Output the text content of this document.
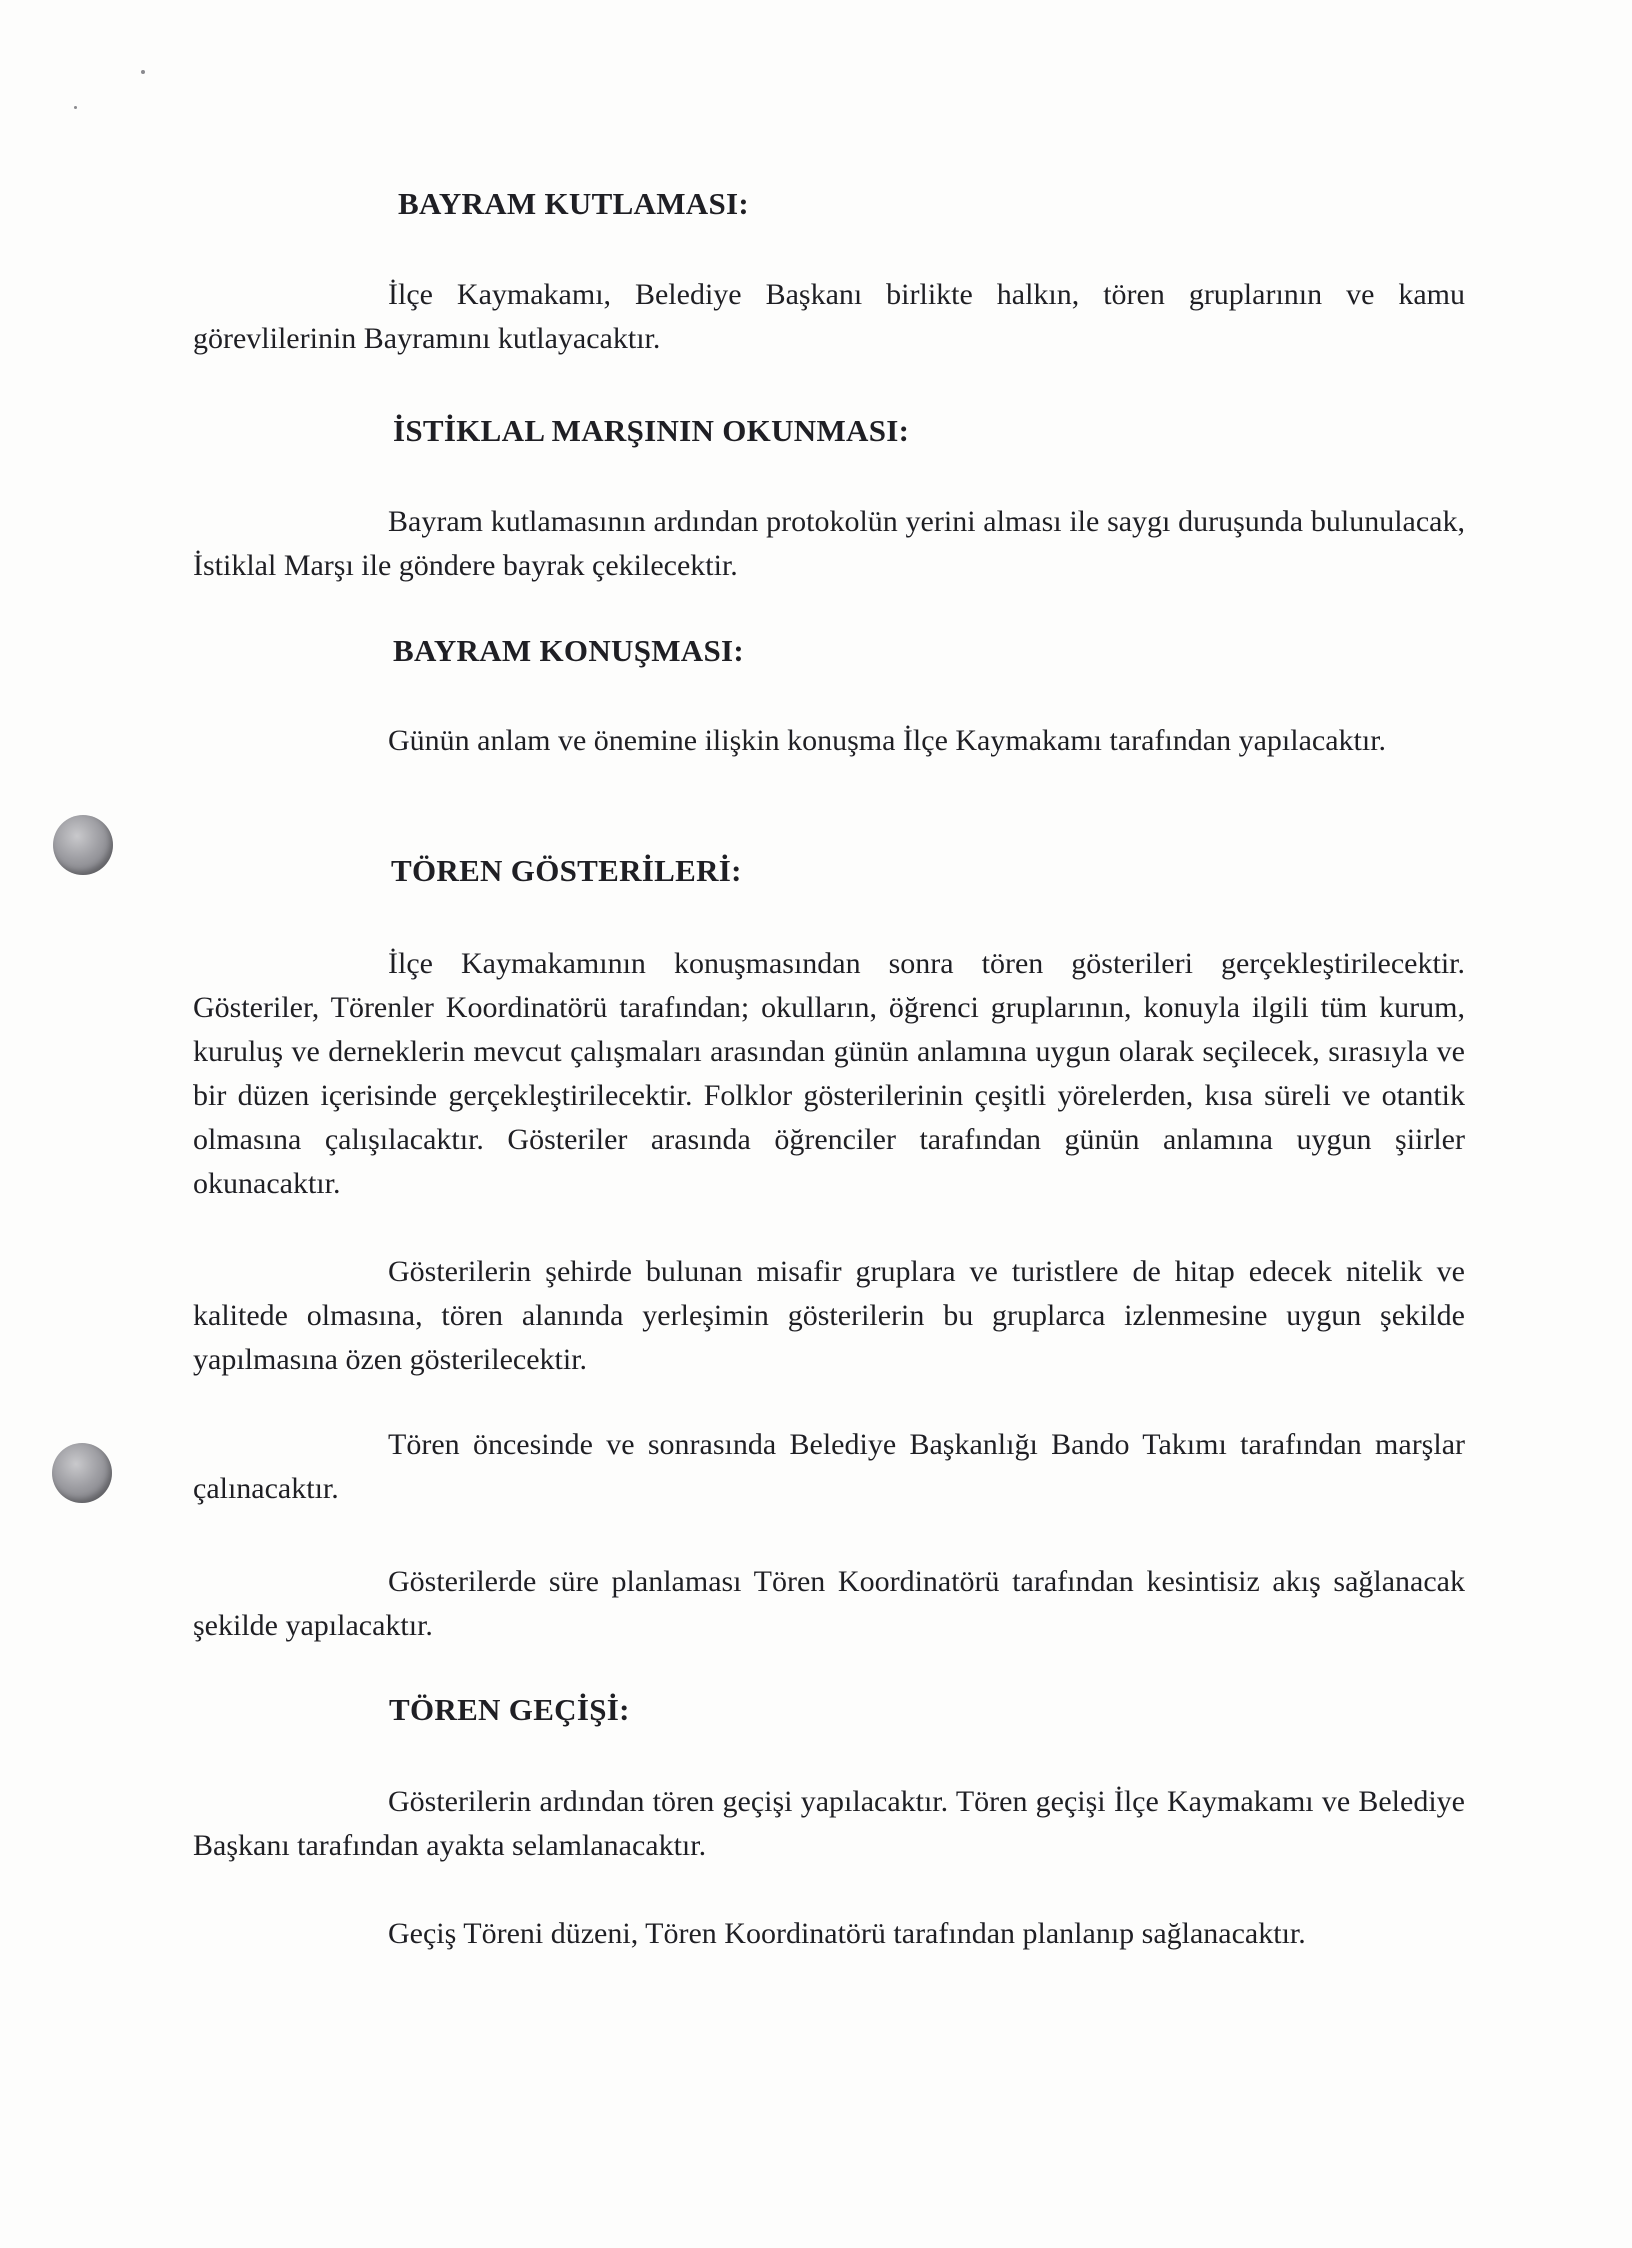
BAYRAM KUTLAMASI:

İlçe Kaymakamı, Belediye Başkanı birlikte halkın, tören gruplarının ve kamu görevlilerinin Bayramını kutlayacaktır.

İSTİKLAL MARŞININ OKUNMASI:

Bayram kutlamasının ardından protokolün yerini alması ile saygı duruşunda bulunulacak, İstiklal Marşı ile göndere bayrak çekilecektir.

BAYRAM KONUŞMASI:

Günün anlam ve önemine ilişkin konuşma İlçe Kaymakamı tarafından yapılacaktır.

TÖREN GÖSTERİLERİ:

İlçe Kaymakamının konuşmasından sonra tören gösterileri gerçekleştirilecektir. Gösteriler, Törenler Koordinatörü tarafından; okulların, öğrenci gruplarının, konuyla ilgili tüm kurum, kuruluş ve derneklerin mevcut çalışmaları arasından günün anlamına uygun olarak seçilecek, sırasıyla ve bir düzen içerisinde gerçekleştirilecektir. Folklor gösterilerinin çeşitli yörelerden, kısa süreli ve otantik olmasına çalışılacaktır. Gösteriler arasında öğrenciler tarafından günün anlamına uygun şiirler okunacaktır.

Gösterilerin şehirde bulunan misafir gruplara ve turistlere de hitap edecek nitelik ve kalitede olmasına, tören alanında yerleşimin gösterilerin bu gruplarca izlenmesine uygun şekilde yapılmasına özen gösterilecektir.

Tören öncesinde ve sonrasında Belediye Başkanlığı Bando Takımı tarafından marşlar çalınacaktır.

Gösterilerde süre planlaması Tören Koordinatörü tarafından kesintisiz akış sağlanacak şekilde yapılacaktır.

TÖREN GEÇİŞİ:

Gösterilerin ardından tören geçişi yapılacaktır. Tören geçişi İlçe Kaymakamı ve Belediye Başkanı tarafından ayakta selamlanacaktır.

Geçiş Töreni düzeni, Tören Koordinatörü tarafından planlanıp sağlanacaktır.
